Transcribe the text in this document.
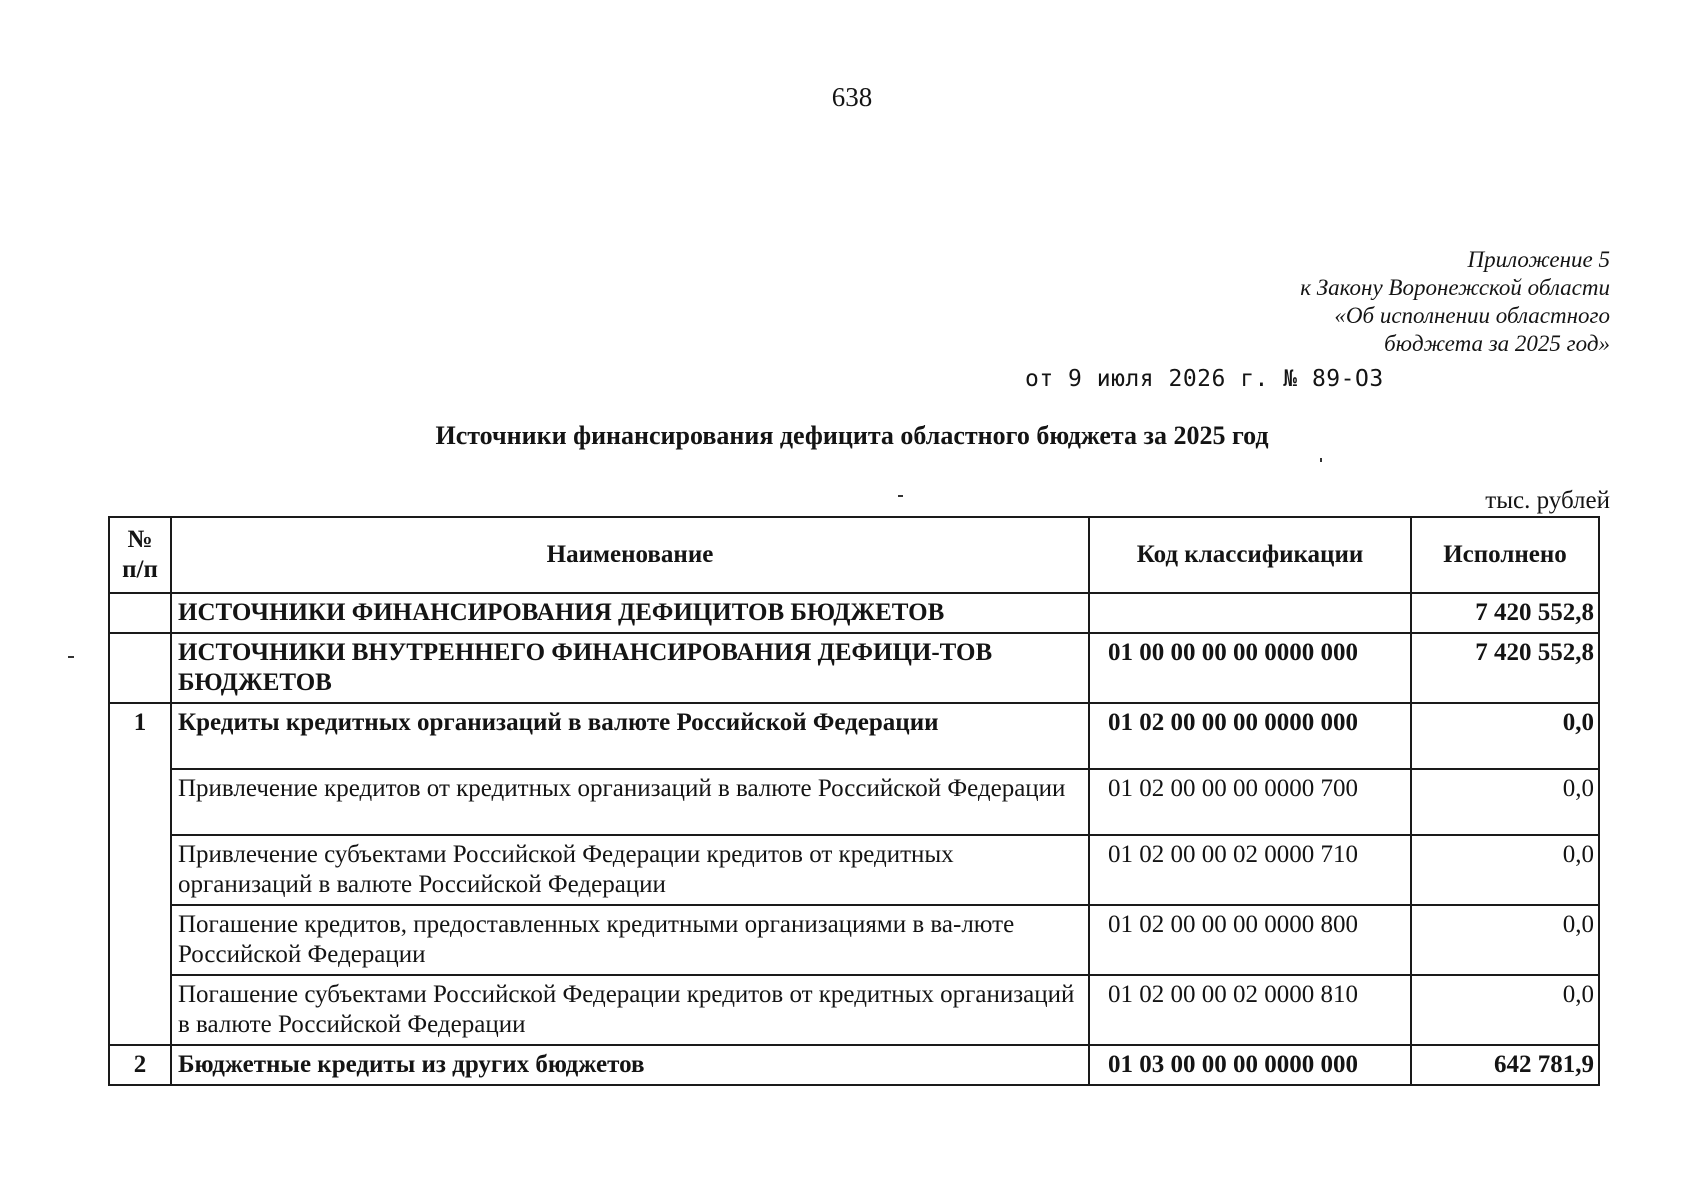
638
Приложение 5
к Закону Воронежской области
«Об исполнении областного
бюджета за 2025 год»
от 9 июля 2026 г. № 89-ОЗ
Источники финансирования дефицита областного бюджета за 2025 год
тыс. рублей
№ п/п	Наименование	Код классификации	Исполнено
	ИСТОЧНИКИ ФИНАНСИРОВАНИЯ ДЕФИЦИТОВ БЮДЖЕТОВ		7 420 552,8
	ИСТОЧНИКИ ВНУТРЕННЕГО ФИНАНСИРОВАНИЯ ДЕФИЦИ-ТОВ БЮДЖЕТОВ	01 00 00 00 00 0000 000	7 420 552,8
1	Кредиты кредитных организаций в валюте Российской Федерации	01 02 00 00 00 0000 000	0,0
	Привлечение кредитов от кредитных организаций в валюте Российской Федерации	01 02 00 00 00 0000 700	0,0
	Привлечение субъектами Российской Федерации кредитов от кредитных организаций в валюте Российской Федерации	01 02 00 00 02 0000 710	0,0
	Погашение кредитов, предоставленных кредитными организациями в ва-люте Российской Федерации	01 02 00 00 00 0000 800	0,0
	Погашение субъектами Российской Федерации кредитов от кредитных организаций в валюте Российской Федерации	01 02 00 00 02 0000 810	0,0
2	Бюджетные кредиты из других бюджетов	01 03 00 00 00 0000 000	642 781,9
